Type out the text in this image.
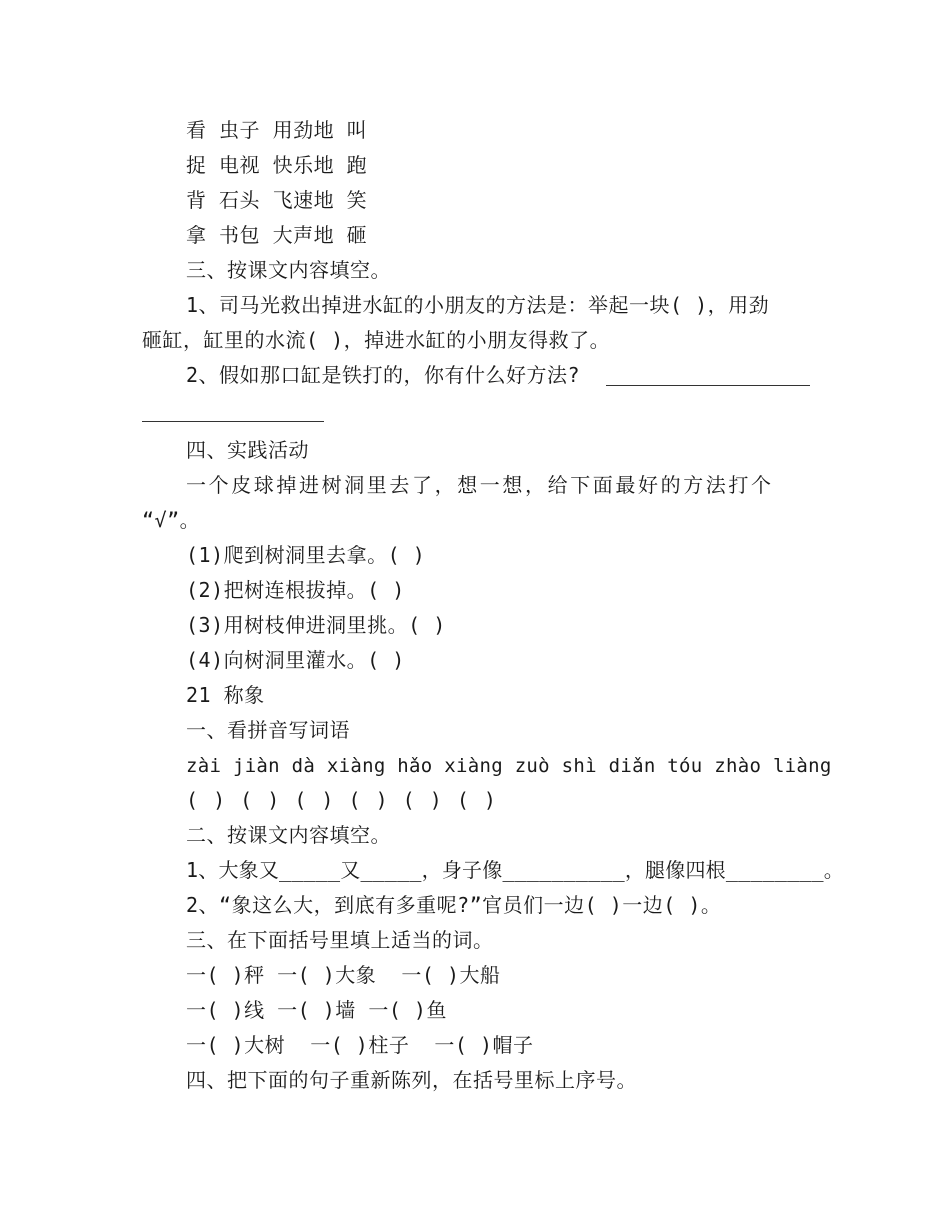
看 虫子 用劲地 叫
捉 电视 快乐地 跑
背 石头 飞速地 笑
拿 书包 大声地 砸
三、按课文内容填空。
1、司马光救出掉进水缸的小朋友的方法是：举起一块( )，用劲
砸缸，缸里的水流( )，掉进水缸的小朋友得救了。
2、假如那口缸是铁打的，你有什么好方法?
四、实践活动
一个皮球掉进树洞里去了，想一想，给下面最好的方法打个
“√”。
(1)爬到树洞里去拿。( )
(2)把树连根拔掉。( )
(3)用树枝伸进洞里挑。( )
(4)向树洞里灌水。( )
21 称象
一、看拼音写词语
zài jiàn dà xiàng hǎo xiàng zuò shì diǎn tóu zhào liàng
( ) ( ) ( ) ( ) ( ) ( )
二、按课文内容填空。
1、大象又_____又_____，身子像__________，腿像四根________。
2、“象这么大，到底有多重呢?”官员们一边( )一边( )。
三、在下面括号里填上适当的词。
一( )秤 一( )大象  一( )大船
一( )线 一( )墙 一( )鱼
一( )大树  一( )柱子  一( )帽子
四、把下面的句子重新陈列，在括号里标上序号。
